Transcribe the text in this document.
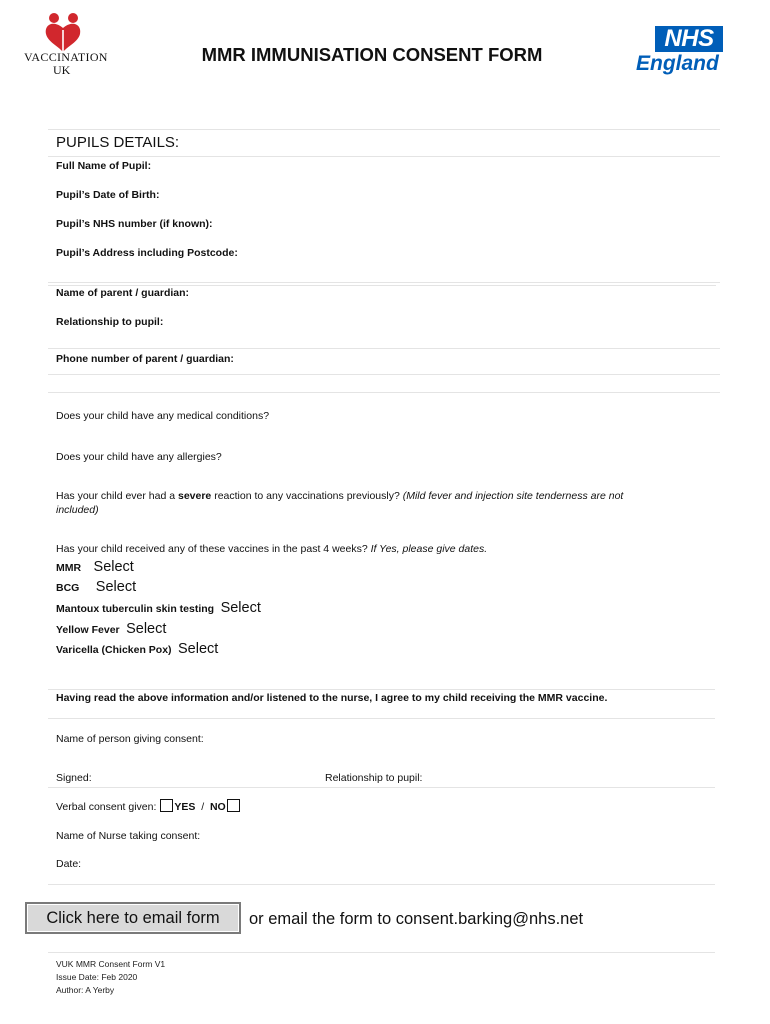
VACCINATION
UK
MMR IMMUNISATION CONSENT FORM
NHS
England
PUPILS DETAILS:
Full Name of Pupil:
Pupil’s Date of Birth:
Pupil’s NHS number (if known):
Pupil’s Address including Postcode:
Name of parent / guardian:
Relationship to pupil:
Phone number of parent / guardian:
Does your child have any medical conditions?
Does your child have any allergies?
Has your child ever had a severe reaction to any vaccinations previously? (Mild fever and injection site tenderness are not
included)
Has your child received any of these vaccines in the past 4 weeks? If Yes, please give dates.
MMR Select
BCG Select
Mantoux tuberculin skin testing Select
Yellow Fever Select
Varicella (Chicken Pox) Select
Having read the above information and/or listened to the nurse, I agree to my child receiving the MMR vaccine.
Name of person giving consent:
Signed:	Relationship to pupil:
Verbal consent given: YES / NO
Name of Nurse taking consent:
Date:
Click here to email form	or email the form to consent.barking@nhs.net
VUK MMR Consent Form V1
Issue Date: Feb 2020
Author: A Yerby
